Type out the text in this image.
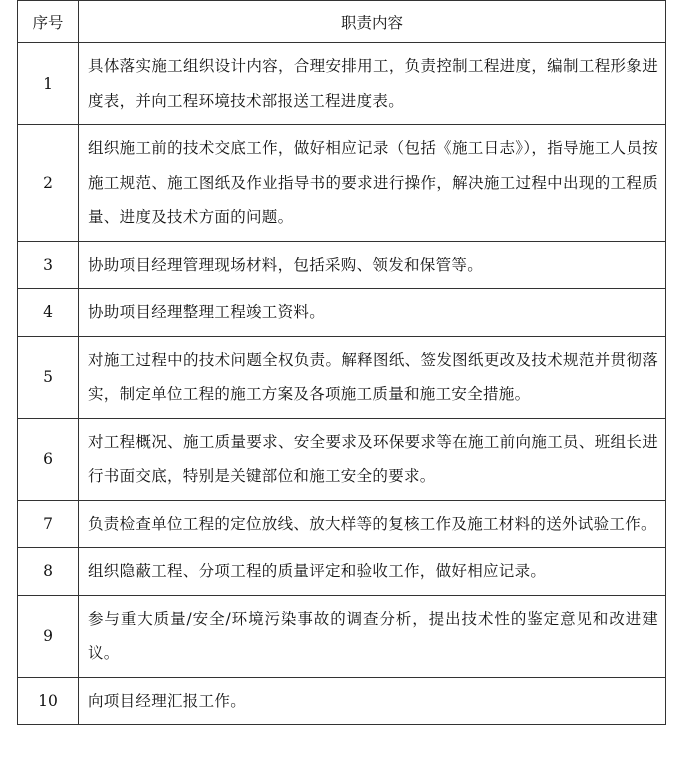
序号	职责内容
1	具体落实施工组织设计内容，合理安排用工，负责控制工程进度，编制工程形象进度表，并向工程环境技术部报送工程进度表。
2	组织施工前的技术交底工作，做好相应记录（包括《施工日志》），指导施工人员按施工规范、施工图纸及作业指导书的要求进行操作，解决施工过程中出现的工程质量、进度及技术方面的问题。
3	协助项目经理管理现场材料，包括采购、领发和保管等。
4	协助项目经理整理工程竣工资料。
5	对施工过程中的技术问题全权负责。解释图纸、签发图纸更改及技术规范并贯彻落实，制定单位工程的施工方案及各项施工质量和施工安全措施。
6	对工程概况、施工质量要求、安全要求及环保要求等在施工前向施工员、班组长进行书面交底，特别是关键部位和施工安全的要求。
7	负责检查单位工程的定位放线、放大样等的复核工作及施工材料的送外试验工作。
8	组织隐蔽工程、分项工程的质量评定和验收工作，做好相应记录。
9	参与重大质量/安全/环境污染事故的调查分析，提出技术性的鉴定意见和改进建议。
10	向项目经理汇报工作。
